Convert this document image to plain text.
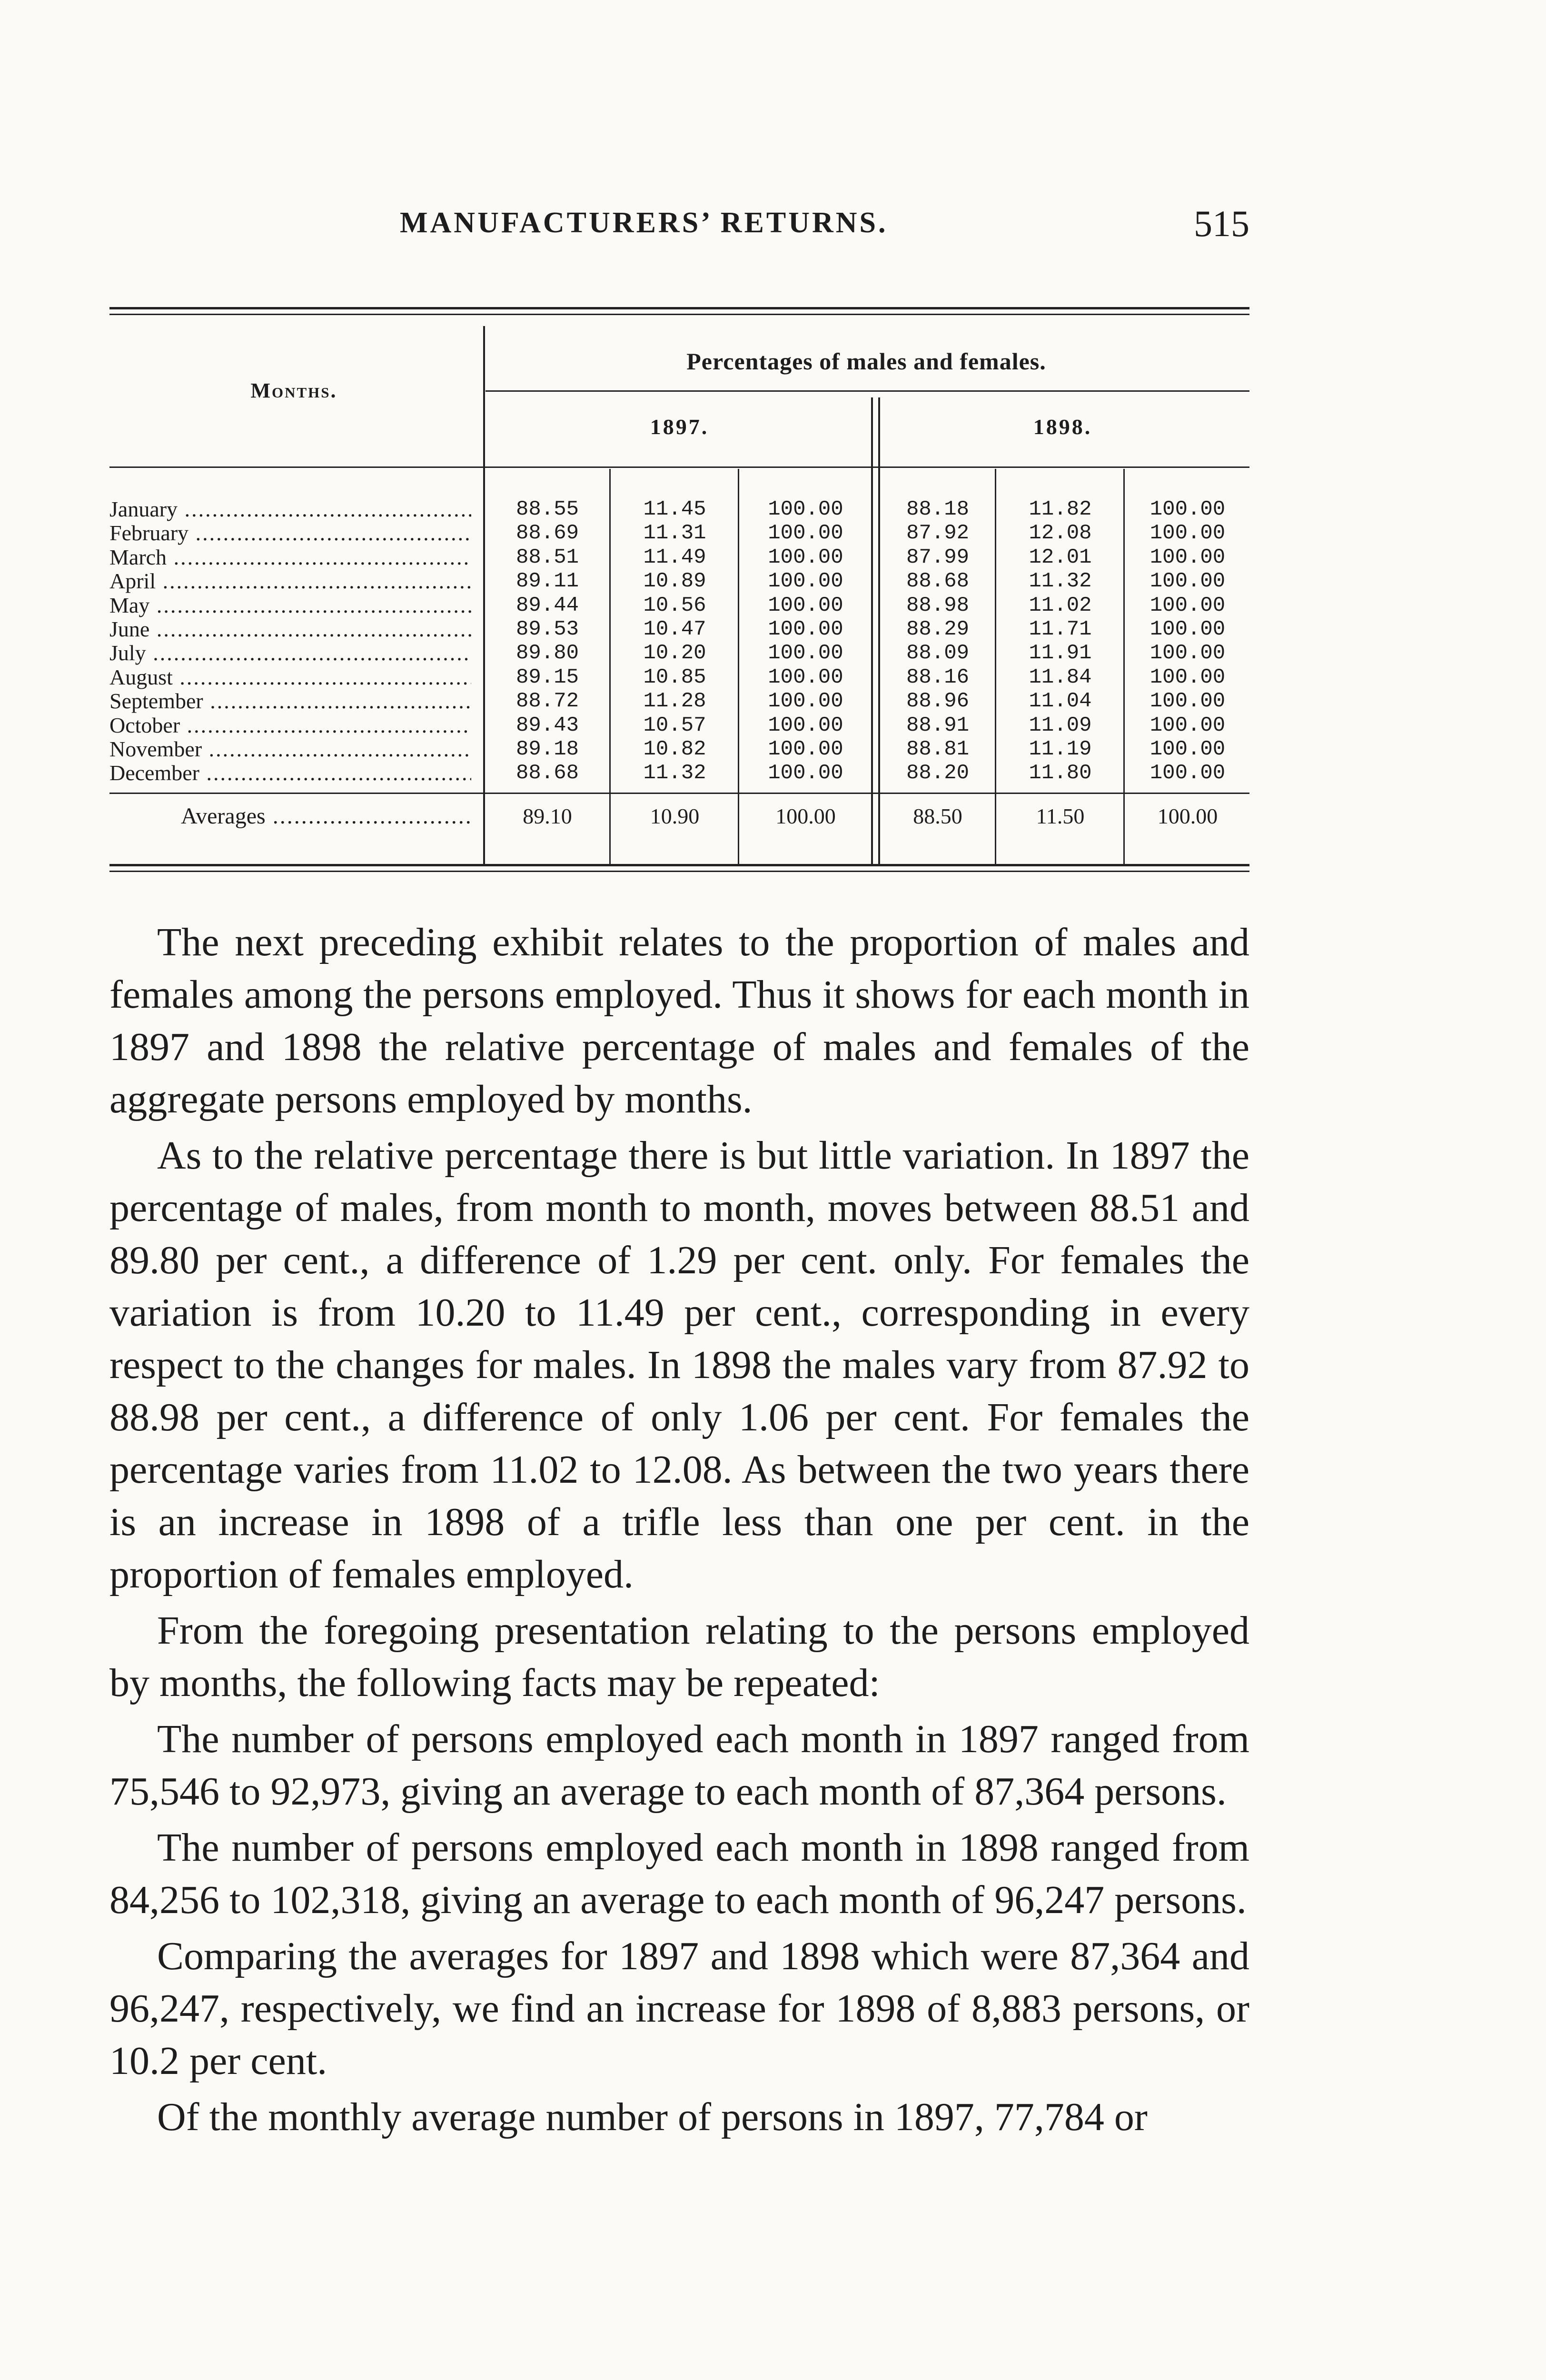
MANUFACTURERS’ RETURNS.	515
Months.
Percentages of males and females.
1897.	1898.
January .....	88.55	11.45	100.00	88.18	11.82	100.00
February .....	88.69	11.31	100.00	87.92	12.08	100.00
March .....	88.51	11.49	100.00	87.99	12.01	100.00
April .....	89.11	10.89	100.00	88.68	11.32	100.00
May .....	89.44	10.56	100.00	88.98	11.02	100.00
June .....	89.53	10.47	100.00	88.29	11.71	100.00
July .....	89.80	10.20	100.00	88.09	11.91	100.00
August .....	89.15	10.85	100.00	88.16	11.84	100.00
September .....	88.72	11.28	100.00	88.96	11.04	100.00
October .....	89.43	10.57	100.00	88.91	11.09	100.00
November .....	89.18	10.82	100.00	88.81	11.19	100.00
December .....	88.68	11.32	100.00	88.20	11.80	100.00
Averages .....	89.10	10.90	100.00	88.50	11.50	100.00

The next preceding exhibit relates to the proportion of males and females among the persons employed. Thus it shows for each month in 1897 and 1898 the relative percentage of males and females of the aggregate persons employed by months.

As to the relative percentage there is but little variation. In 1897 the percentage of males, from month to month, moves between 88.51 and 89.80 per cent., a difference of 1.29 per cent. only. For females the variation is from 10.20 to 11.49 per cent., corresponding in every respect to the changes for males. In 1898 the males vary from 87.92 to 88.98 per cent., a difference of only 1.06 per cent. For females the percentage varies from 11.02 to 12.08. As between the two years there is an increase in 1898 of a trifle less than one per cent. in the proportion of females employed.

From the foregoing presentation relating to the persons employed by months, the following facts may be repeated:

The number of persons employed each month in 1897 ranged from 75,546 to 92,973, giving an average to each month of 87,364 persons.

The number of persons employed each month in 1898 ranged from 84,256 to 102,318, giving an average to each month of 96,247 persons.

Comparing the averages for 1897 and 1898 which were 87,364 and 96,247, respectively, we find an increase for 1898 of 8,883 persons, or 10.2 per cent.

Of the monthly average number of persons in 1897, 77,784 or
